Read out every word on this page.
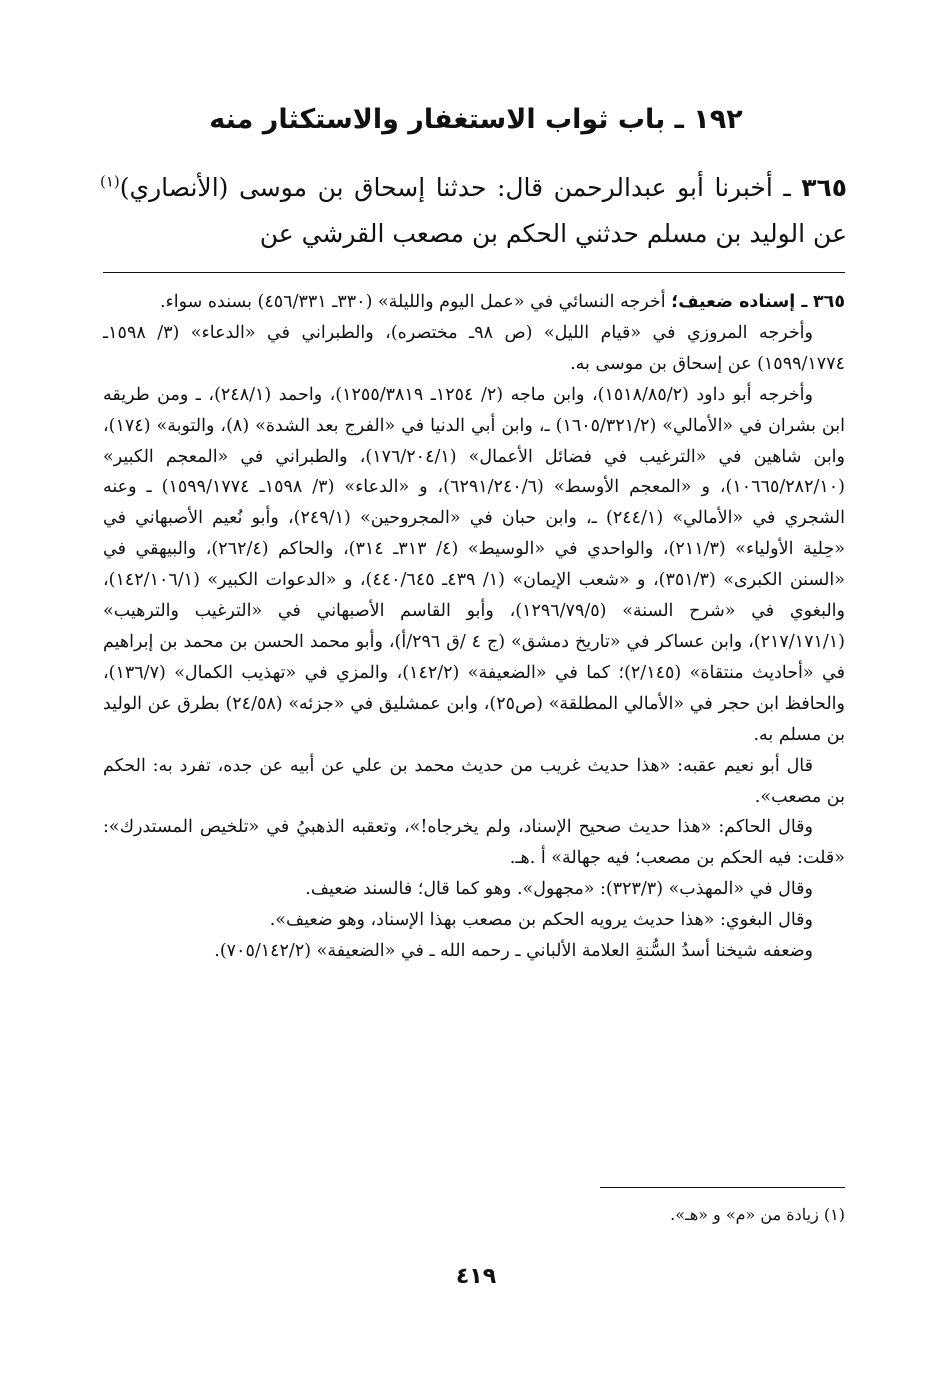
١٩٢ ـ باب ثواب الاستغفار والاستكثار منه
٣٦٥ ـ أخبرنا أبو عبدالرحمن قال: حدثنا إسحاق بن موسى (الأنصاري)$^{(١)}$ عن الوليد بن مسلم حدثني الحكم بن مصعب القرشي عن

٣٦٥ ـ إسناده ضعيف؛ أخرجه النسائي في «عمل اليوم والليلة» (٣٣٠ـ ٤٥٦/٣٣١) بسنده سواء.

وأخرجه المروزي في «قيام الليل» (ص ٩٨ـ مختصره)، والطبراني في «الدعاء» (٣/ ١٥٩٨ـ ١٥٩٩/١٧٧٤) عن إسحاق بن موسى به.

وأخرجه أبو داود (١٥١٨/٨٥/٢)، وابن ماجه (٢/ ١٢٥٤ـ ١٢٥٥/٣٨١٩)، واحمد (٢٤٨/١)، ـ ومن طريقه ابن بشران في «الأمالي» (١٦٠٥/٣٢١/٢) ـ، وابن أبي الدنيا في «الفرج بعد الشدة» (٨)، والتوبة» (١٧٤)، وابن شاهين في «الترغيب في فضائل الأعمال» (١٧٦/٢٠٤/١)، والطبراني في «المعجم الكبير» (١٠٦٦٥/٢٨٢/١٠)، و «المعجم الأوسط» (٦٢٩١/٢٤٠/٦)، و «الدعاء» (٣/ ١٥٩٨ـ ١٥٩٩/١٧٧٤) ـ وعنه الشجري في «الأمالي» (٢٤٤/١) ـ، وابن حبان في «المجروحين» (٢٤٩/١)، وأبو نُعيم الأصبهاني في «حِلية الأولياء» (٢١١/٣)، والواحدي في «الوسيط» (٤/ ٣١٣ـ ٣١٤)، والحاكم (٢٦٢/٤)، والبيهقي في «السنن الكبرى» (٣٥١/٣)، و «شعب الإيمان» (١/ ٤٣٩ـ ٤٤٠/٦٤٥)، و «الدعوات الكبير» (١٤٢/١٠٦/١)، والبغوي في «شرح السنة» (١٢٩٦/٧٩/٥)، وأبو القاسم الأصبهاني في «الترغيب والترهيب» (٢١٧/١٧١/١)، وابن عساكر في «تاريخ دمشق» (ج ٤ /ق ٢٩٦/أ)، وأبو محمد الحسن بن محمد بن إبراهيم في «أحاديث منتقاة» (٢/١٤٥)؛ كما في «الضعيفة» (١٤٢/٢)، والمزي في «تهذيب الكمال» (١٣٦/٧)، والحافظ ابن حجر في «الأمالي المطلقة» (ص٢٥)، وابن عمشليق في «جزئه» (٢٤/٥٨) بطرق عن الوليد بن مسلم به.

قال أبو نعيم عقبه: «هذا حديث غريب من حديث محمد بن علي عن أبيه عن جده، تفرد به: الحكم بن مصعب».

وقال الحاكم: «هذا حديث صحيح الإسناد، ولم يخرجاه!»، وتعقبه الذهبيُ في «تلخيص المستدرك»: «قلت: فيه الحكم بن مصعب؛ فيه جهالة» أ .هـ.

وقال في «المهذب» (٣٢٣/٣): «مجهول». وهو كما قال؛ فالسند ضعيف.

وقال البغوي: «هذا حديث يرويه الحكم بن مصعب بهذا الإسناد، وهو ضعيف».

وضعفه شيخنا أسدُ السُّنةِ العلامة الألباني ـ رحمه الله ـ في «الضعيفة» (٧٠٥/١٤٢/٢).

(١) زيادة من «م» و «هـ».
٤١٩
